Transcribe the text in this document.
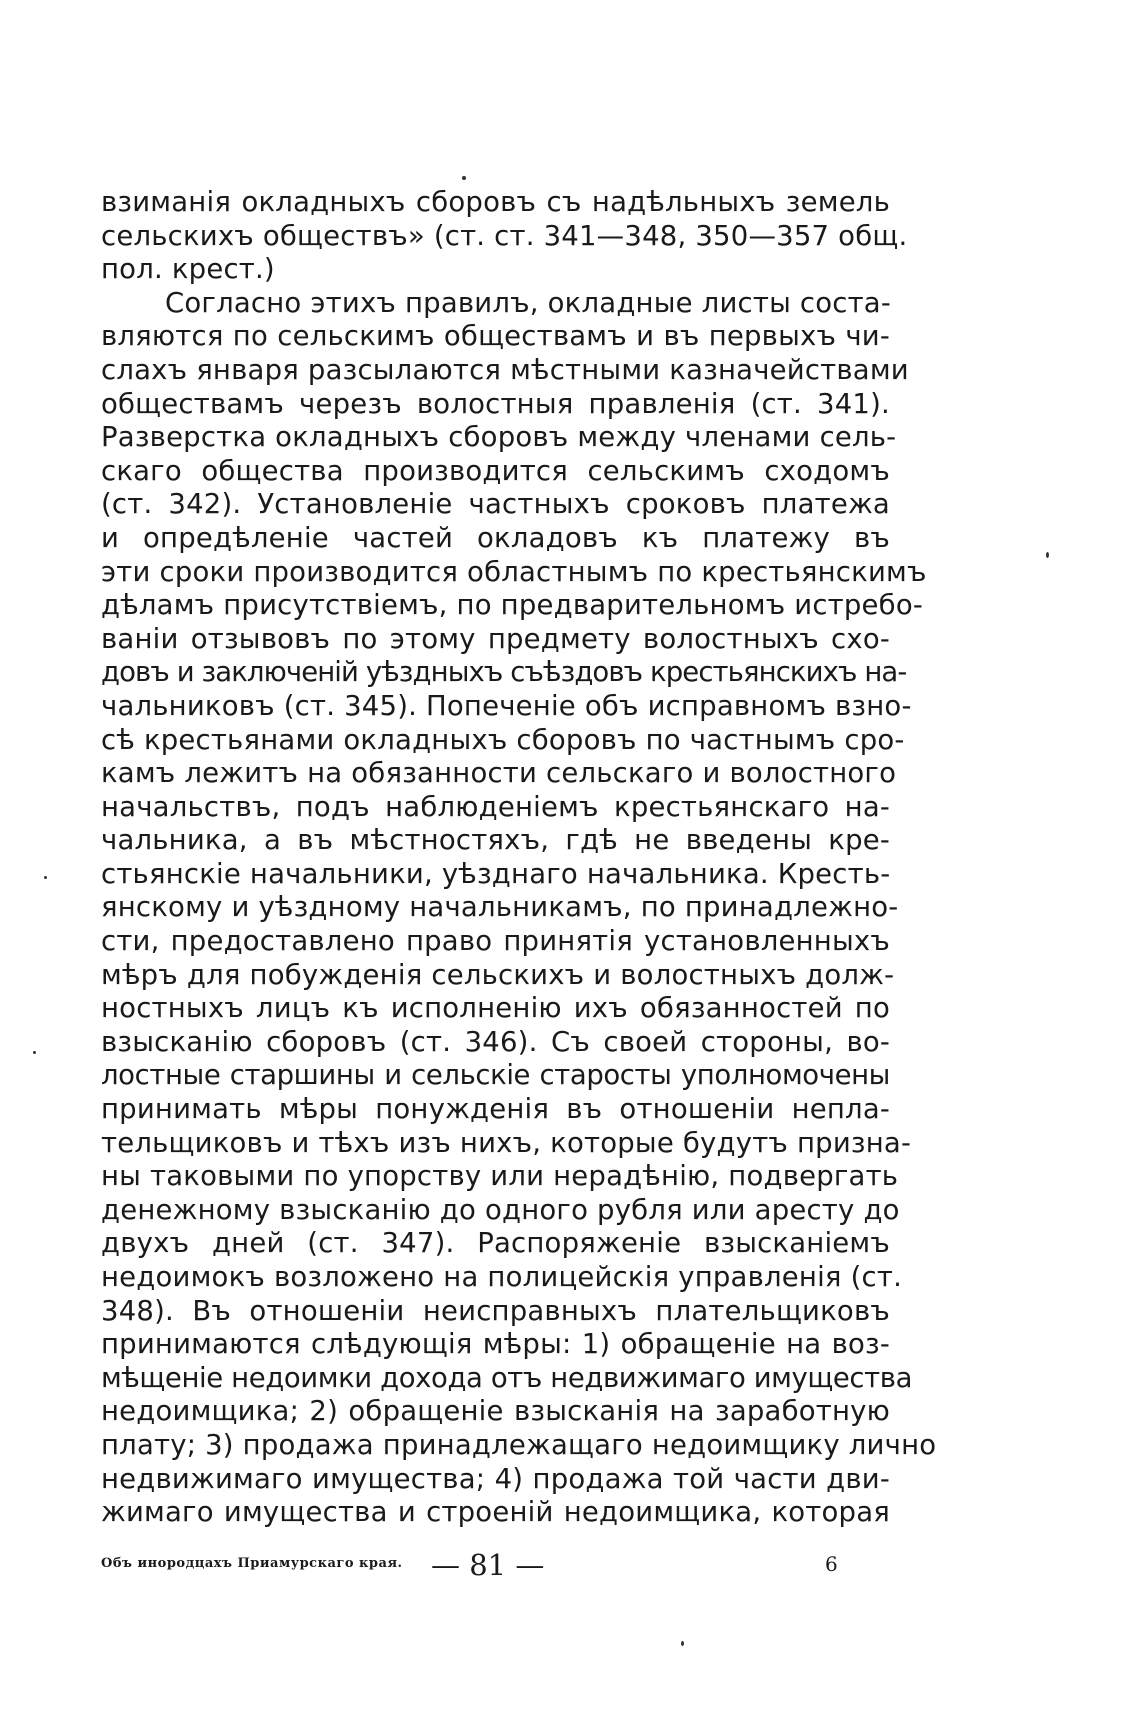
взиманія окладныхъ сборовъ съ надѣльныхъ земель
сельскихъ обществъ» (ст. ст. 341—348, 350—357 общ.
пол. крест.)
Согласно этихъ правилъ, окладные листы соста-
вляются по сельскимъ обществамъ и въ первыхъ чи-
слахъ января разсылаются мѣстными казначействами
обществамъ черезъ волостныя правленія (ст. 341).
Разверстка окладныхъ сборовъ между членами сель-
скаго общества производится сельскимъ сходомъ
(ст. 342). Установленіе частныхъ сроковъ платежа
и опредѣленіе частей окладовъ къ платежу въ
эти сроки производится областнымъ по крестьянскимъ
дѣламъ присутствіемъ, по предварительномъ истребо-
ваніи отзывовъ по этому предмету волостныхъ схо-
довъ и заключеній уѣздныхъ съѣздовъ крестьянскихъ на-
чальниковъ (ст. 345). Попеченіе объ исправномъ взно-
сѣ крестьянами окладныхъ сборовъ по частнымъ сро-
камъ лежитъ на обязанности сельскаго и волостного
начальствъ, подъ наблюденіемъ крестьянскаго на-
чальника, а въ мѣстностяхъ, гдѣ не введены кре-
стьянскіе начальники, уѣзднаго начальника. Кресть-
янскому и уѣздному начальникамъ, по принадлежно-
сти, предоставлено право принятія установленныхъ
мѣръ для побужденія сельскихъ и волостныхъ долж-
ностныхъ лицъ къ исполненію ихъ обязанностей по
взысканію сборовъ (ст. 346). Съ своей стороны, во-
лостные старшины и сельскіе старосты уполномочены
принимать мѣры понужденія въ отношеніи непла-
тельщиковъ и тѣхъ изъ нихъ, которые будутъ призна-
ны таковыми по упорству или нерадѣнію, подвергать
денежному взысканію до одного рубля или аресту до
двухъ дней (ст. 347). Распоряженіе взысканіемъ
недоимокъ возложено на полицейскія управленія (ст.
348). Въ отношеніи неисправныхъ плательщиковъ
принимаются слѣдующія мѣры: 1) обращеніе на воз-
мѣщеніе недоимки дохода отъ недвижимаго имущества
недоимщика; 2) обращеніе взысканія на заработную
плату; 3) продажа принадлежащаго недоимщику лично
недвижимаго имущества; 4) продажа той части дви-
жимаго имущества и строеній недоимщика, которая
Объ инородцахъ Приамурскаго края. — 81 —	6
